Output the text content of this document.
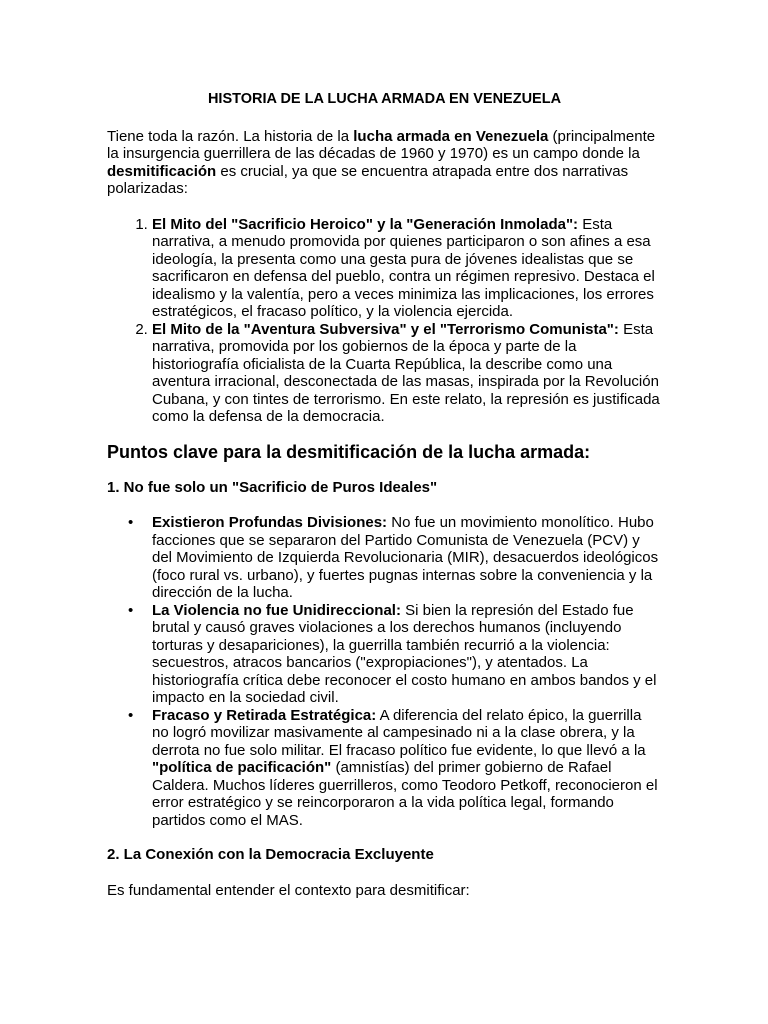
HISTORIA DE LA LUCHA ARMADA EN VENEZUELA

Tiene toda la razón. La historia de la lucha armada en Venezuela (principalmente la insurgencia guerrillera de las décadas de 1960 y 1970) es un campo donde la desmitificación es crucial, ya que se encuentra atrapada entre dos narrativas polarizadas:

1. El Mito del "Sacrificio Heroico" y la "Generación Inmolada": Esta narrativa, a menudo promovida por quienes participaron o son afines a esa ideología, la presenta como una gesta pura de jóvenes idealistas que se sacrificaron en defensa del pueblo, contra un régimen represivo. Destaca el idealismo y la valentía, pero a veces minimiza las implicaciones, los errores estratégicos, el fracaso político, y la violencia ejercida.
2. El Mito de la "Aventura Subversiva" y el "Terrorismo Comunista": Esta narrativa, promovida por los gobiernos de la época y parte de la historiografía oficialista de la Cuarta República, la describe como una aventura irracional, desconectada de las masas, inspirada por la Revolución Cubana, y con tintes de terrorismo. En este relato, la represión es justificada como la defensa de la democracia.
Puntos clave para la desmitificación de la lucha armada:
1. No fue solo un "Sacrificio de Puros Ideales"
• Existieron Profundas Divisiones: No fue un movimiento monolítico. Hubo facciones que se separaron del Partido Comunista de Venezuela (PCV) y del Movimiento de Izquierda Revolucionaria (MIR), desacuerdos ideológicos (foco rural vs. urbano), y fuertes pugnas internas sobre la conveniencia y la dirección de la lucha.
• La Violencia no fue Unidireccional: Si bien la represión del Estado fue brutal y causó graves violaciones a los derechos humanos (incluyendo torturas y desapariciones), la guerrilla también recurrió a la violencia: secuestros, atracos bancarios ("expropiaciones"), y atentados. La historiografía crítica debe reconocer el costo humano en ambos bandos y el impacto en la sociedad civil.
• Fracaso y Retirada Estratégica: A diferencia del relato épico, la guerrilla no logró movilizar masivamente al campesinado ni a la clase obrera, y la derrota no fue solo militar. El fracaso político fue evidente, lo que llevó a la "política de pacificación" (amnistías) del primer gobierno de Rafael Caldera. Muchos líderes guerrilleros, como Teodoro Petkoff, reconocieron el error estratégico y se reincorporaron a la vida política legal, formando partidos como el MAS.
2. La Conexión con la Democracia Excluyente

Es fundamental entender el contexto para desmitificar:
